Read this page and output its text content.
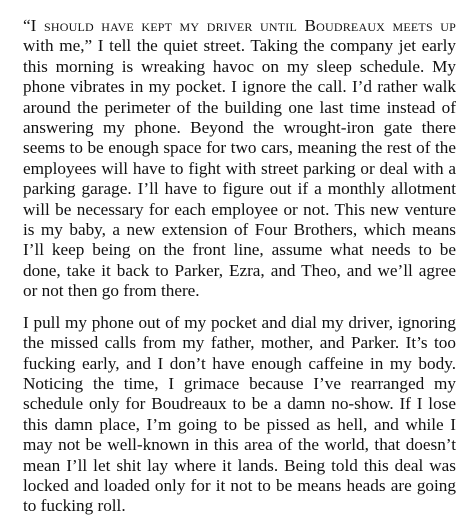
“I should have kept my driver until Boudreaux meets up with me,” I tell the quiet street. Taking the company jet early this morning is wreaking havoc on my sleep schedule. My phone vibrates in my pocket. I ignore the call. I’d rather walk around the perimeter of the building one last time instead of answering my phone. Beyond the wrought-iron gate there seems to be enough space for two cars, meaning the rest of the employees will have to fight with street parking or deal with a parking garage. I’ll have to figure out if a monthly allotment will be necessary for each employee or not. This new venture is my baby, a new extension of Four Brothers, which means I’ll keep being on the front line, assume what needs to be done, take it back to Parker, Ezra, and Theo, and we’ll agree or not then go from there.

I pull my phone out of my pocket and dial my driver, ignoring the missed calls from my father, mother, and Parker. It’s too fucking early, and I don’t have enough caffeine in my body. Noticing the time, I grimace because I’ve rearranged my schedule only for Boudreaux to be a damn no-show. If I lose this damn place, I’m going to be pissed as hell, and while I may not be well-known in this area of the world, that doesn’t mean I’ll let shit lay where it lands. Being told this deal was locked and loaded only for it not to be means heads are going to fucking roll.
